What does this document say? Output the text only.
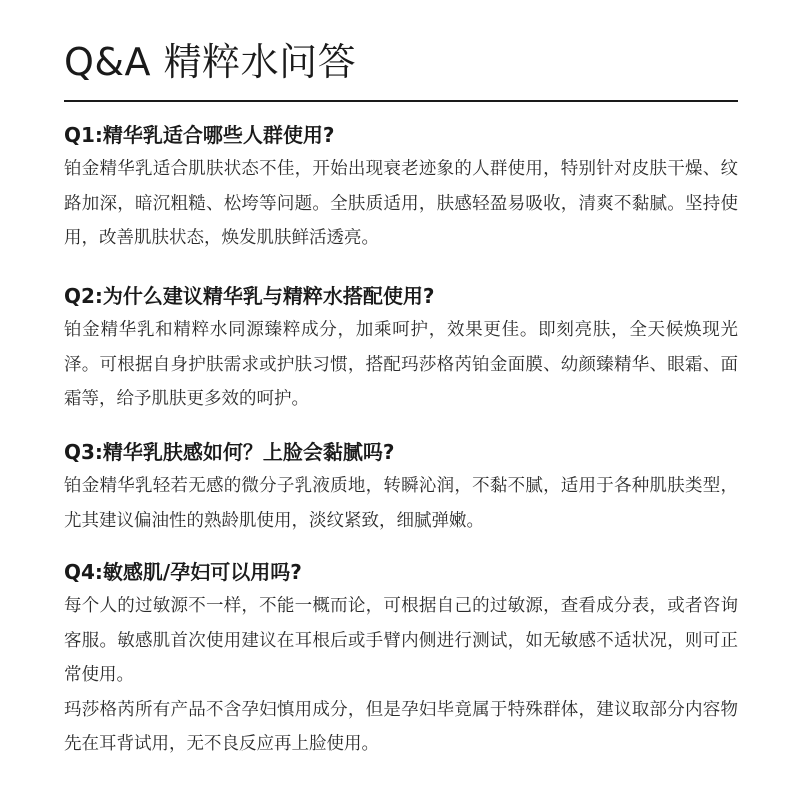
Q&A 精粹水问答

Q1:精华乳适合哪些人群使用?

铂金精华乳适合肌肤状态不佳，开始出现衰老迹象的人群使用，特别针对皮肤干燥、纹路加深，暗沉粗糙、松垮等问题。全肤质适用，肤感轻盈易吸收，清爽不黏腻。坚持使用，改善肌肤状态，焕发肌肤鲜活透亮。

Q2:为什么建议精华乳与精粹水搭配使用?

铂金精华乳和精粹水同源臻粹成分，加乘呵护，效果更佳。即刻亮肤，全天候焕现光泽。可根据自身护肤需求或护肤习惯，搭配玛莎格芮铂金面膜、幼颜臻精华、眼霜、面霜等，给予肌肤更多效的呵护。

Q3:精华乳肤感如何？上脸会黏腻吗?

铂金精华乳轻若无感的微分子乳液质地，转瞬沁润，不黏不腻，适用于各种肌肤类型，尤其建议偏油性的熟龄肌使用，淡纹紧致，细腻弹嫩。

Q4:敏感肌/孕妇可以用吗?

每个人的过敏源不一样，不能一概而论，可根据自己的过敏源，查看成分表，或者咨询客服。敏感肌首次使用建议在耳根后或手臂内侧进行测试，如无敏感不适状况，则可正常使用。
玛莎格芮所有产品不含孕妇慎用成分，但是孕妇毕竟属于特殊群体，建议取部分内容物先在耳背试用，无不良反应再上脸使用。
